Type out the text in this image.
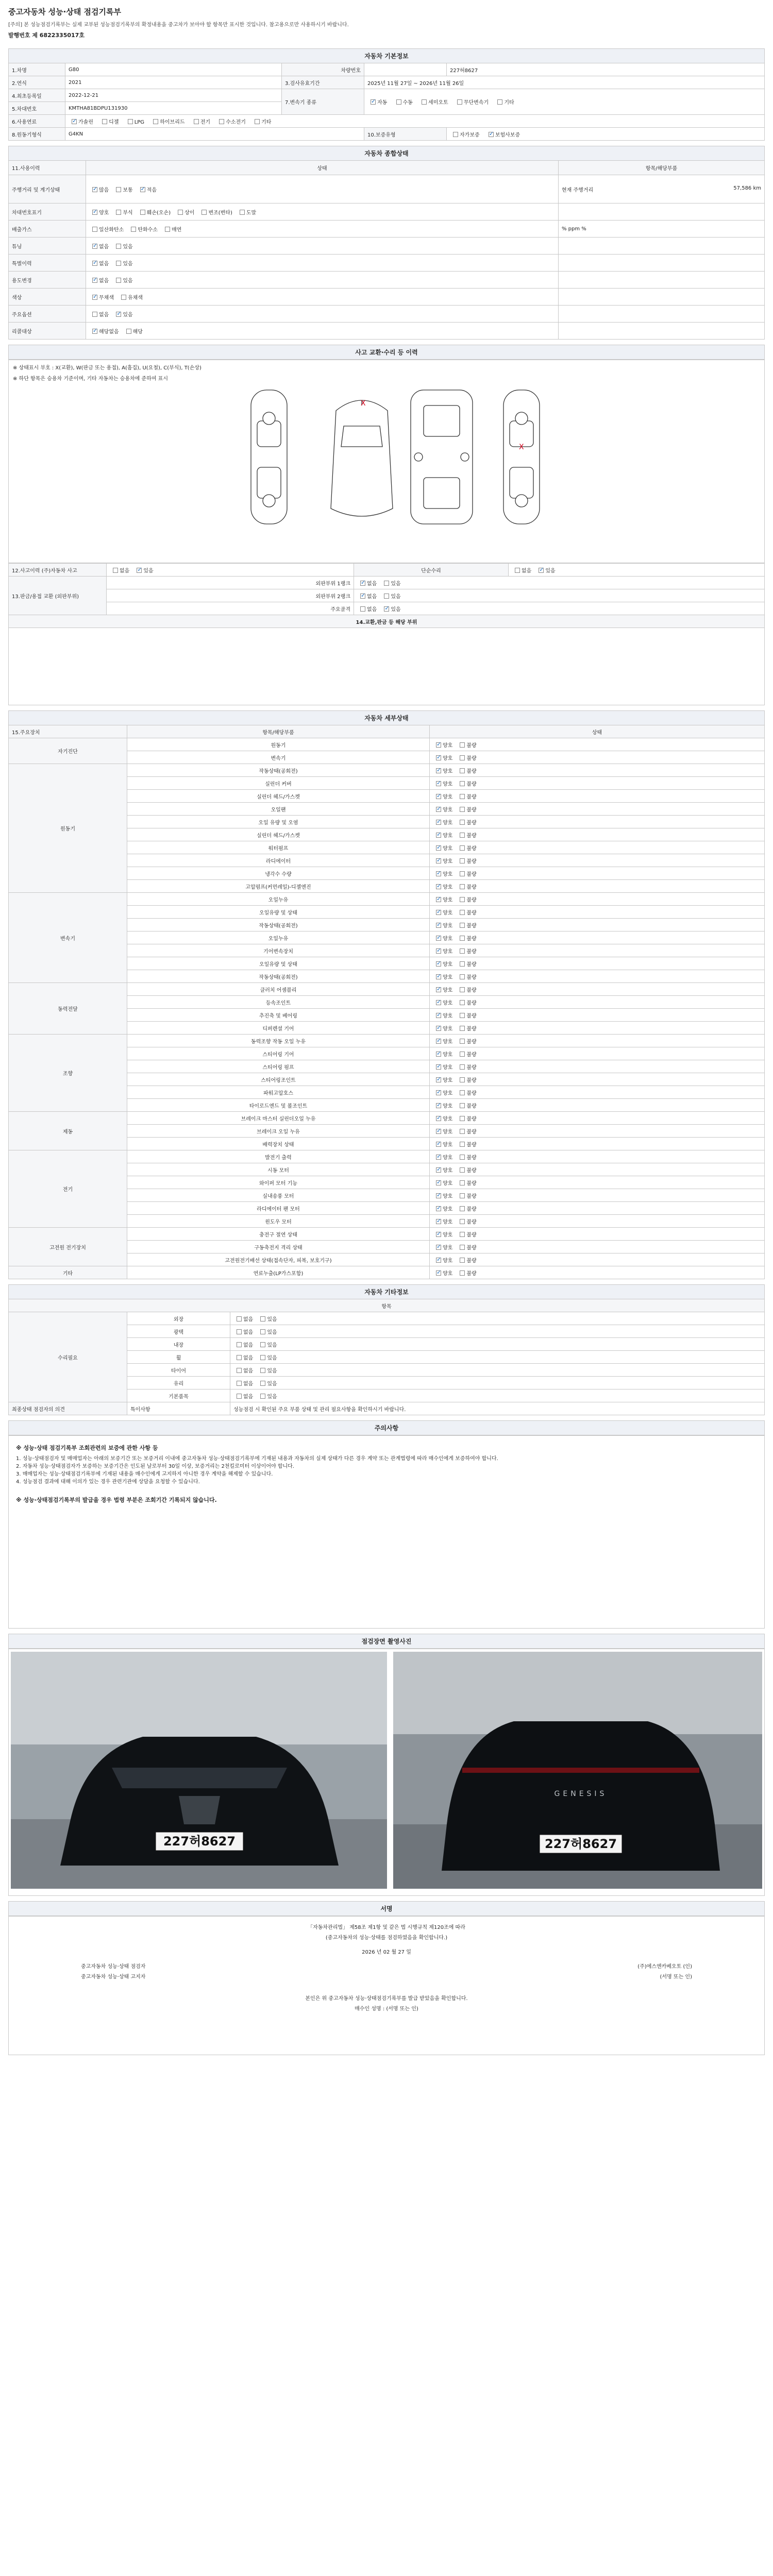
중고자동차 성능·상태 점검기록부
[주의] 본 성능점검기록부는 실제 교부된 성능점검기록부의 확정내용을 중고차가 보아야 할 항목만 표시한 것입니다. 참고용으로만 사용하시기 바랍니다.
발행번호 제 6822335017호
자동차 기본정보				
1.차명	G80	차량번호		227허8627
2.연식	2021	3.검사유효기간	2025년 11월 27일 ~ 2026년 11월 26일	
4.최초등록일	2022-12-21	7.변속기 종류	✓자동 수동 세미오토 무단변속기 기타
5.차대번호	KMTHA81BDPU131930			
6.사용연료	✓가솔린 디젤 LPG 하이브리드 전기 수소전기 기타
8.원동기형식	G4KN		10.보증유형	자가보증 ✓ 보험사보증
자동차 종합상태		
11.사용이력	상태	항목/해당부품
주행거리 및 계기상태	✓많음 보통 ✓ 적음	현재 주행거리 57,586 km

차대번호표기	✓양호 부식 훼손(오손) 상이 변조(변타) 도말	
배출가스	일산화탄소 탄화수소 매연	% ppm %
튜닝	✓없음 있음	
특별이력	✓없음 있음	
용도변경	✓없음 있음	
색상	✓무채색 유채색	
주요옵션	없음 ✓ 있음	
리콜대상	✓해당없음 해당	
사고 교환·수리 등 이력
※ 상태표시 부호 : X(교환), W(판금 또는 용접), A(흠집), U(요철), C(부식), T(손상)
※ 하단 항목은 승용차 기준이며, 기타 자동차는 승용차에 준하여 표시
X
X
12.사고이력 (주)자동차 사고	없음 ✓ 있음	단순수리	없음 ✓ 있음
13.판금/용접 교환 (외판부위)	외판부위 1랭크	✓없음 있음
	외판부위 2랭크	✓없음 있음
	주요골격	없음 ✓ 있음
14.교환,판금 등 해당 부위			

자동차 세부상태		
15.주요장치	항목/해당부품	상태
자기진단	원동기	✓양호 불량
	변속기	✓양호 불량
원동기	작동상태(공회전)	✓양호 불량
	실린더 커버	✓양호 불량
	실린더 헤드/가스켓	✓양호 불량
	오일팬	✓양호 불량
	오일 유량 및 오염	✓양호 불량
	실린더 헤드/가스켓	✓양호 불량
	워터펌프	✓양호 불량
	라디에이터	✓양호 불량
	냉각수 수량	✓양호 불량
	고압펌프(커먼레일)-디젤엔진	✓양호 불량
변속기	오일누유	✓양호 불량
	오일유량 및 상태	✓양호 불량
	작동상태(공회전)	✓양호 불량
	오일누유	✓양호 불량
	기어변속장치	✓양호 불량
	오일유량 및 상태	✓양호 불량
	작동상태(공회전)	✓양호 불량
동력전달	클러치 어셈블리	✓양호 불량
	등속조인트	✓양호 불량
	추진축 및 베어링	✓양호 불량
	디퍼렌셜 기어	✓양호 불량
조향	동력조향 작동 오일 누유	✓양호 불량
	스티어링 기어	✓양호 불량
	스티어링 펌프	✓양호 불량
	스티어링조인트	✓양호 불량
	파워고압호스	✓양호 불량
	타이로드엔드 및 볼조인트	✓양호 불량
제동	브레이크 마스터 실린더오일 누유	✓양호 불량
	브레이크 오일 누유	✓양호 불량
	배력장치 상태	✓양호 불량
전기	발전기 출력	✓양호 불량
	시동 모터	✓양호 불량
	와이퍼 모터 기능	✓양호 불량
	실내송풍 모터	✓양호 불량
	라디에이터 팬 모터	✓양호 불량
	윈도우 모터	✓양호 불량
고전원 전기장치	충전구 절연 상태	✓양호 불량
	구동축전지 격리 상태	✓양호 불량
	고전원전기배선 상태(접속단자, 피복, 보호기구)	✓양호 불량
기타	연료누출(LP가스포함)	✓양호 불량
자동차 기타정보		
항목		
수리필요	외장	없음 있음
	광택	없음 있음
	내장	없음 있음
	휠	없음 있음
	타이어	없음 있음
	유리	없음 있음
	기본품목	없음 있음
최종상태 점검자의 의견	특이사항	성능점검 시 확인된 주요 부품 상태 및 관리 필요사항을 확인하시기 바랍니다.
주의사항
※ 성능·상태 점검기록부 조회관련의 보증에 관한 사항 등

1. 성능·상태점검자 및 매매업자는 아래의 보증기간 또는 보증거리 이내에 중고자동차 성능·상태점검기록부에 기재된 내용과 자동차의 실제 상태가 다른 경우 계약 또는 관계법령에 따라 매수인에게 보증하여야 합니다.

2. 자동차 성능·상태점검자가 보증하는 보증기간은 인도된 날로부터 30일 이상, 보증거리는 2천킬로미터 이상이어야 합니다.

3. 매매업자는 성능·상태점검기록부에 기재된 내용을 매수인에게 고지하지 아니한 경우 계약을 해제할 수 있습니다.

4. 성능점검 결과에 대해 이의가 있는 경우 관련기관에 상담을 요청할 수 있습니다.

※ 성능·상태점검기록부의 발급을 경우 법령 부분은 조회기간 기록되지 않습니다.
점검장면 촬영사진
227허8627
GENESIS
227허8627
서명
「자동차관리법」 제58조 제1항 및 같은 법 시행규칙 제120조에 따라
(중고자동차의 성능·상태를 점검하였음을 확인합니다.)
2026 년 02 월 27 일
중고자동차 성능·상태 점검자	(주)에스엔카베오토 (인)
중고자동차 성능·상태 고지자	(서명 또는 인)
본인은 위 중고자동차 성능·상태점검기록부를 발급 받았음을 확인합니다.
매수인 성명 : (서명 또는 인)
